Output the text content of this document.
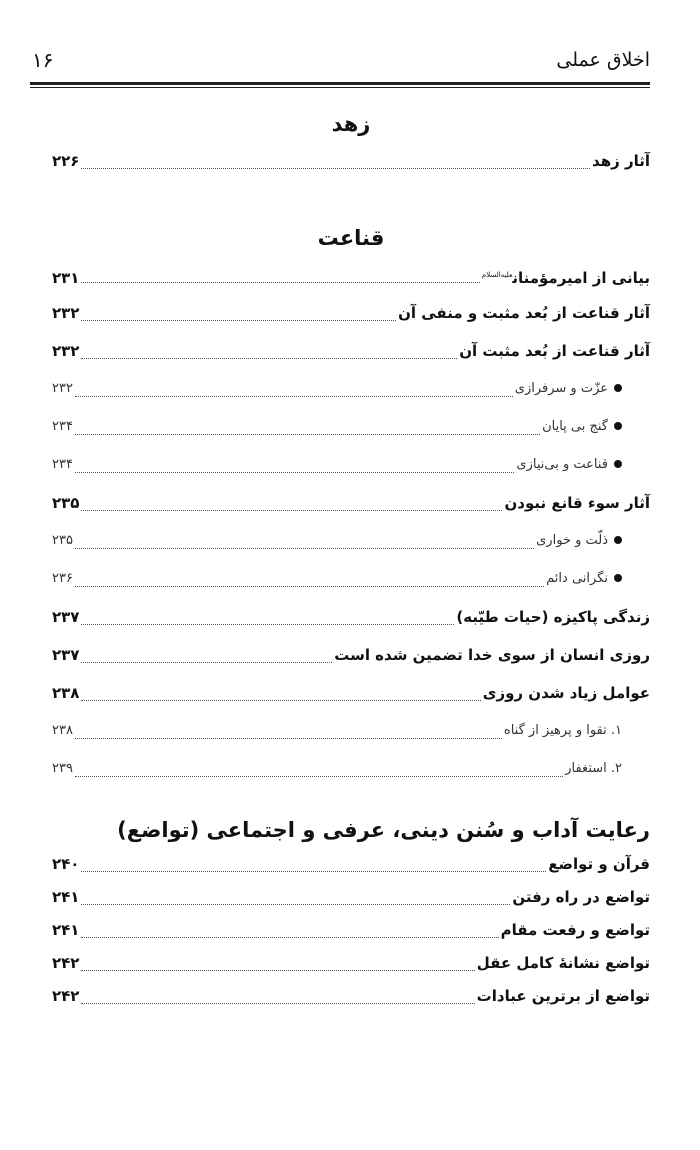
اخلاق عملی
۱۶
زهد
آثار زهد
۲۲۶
قناعت
بیانی از امیرمؤمنان$^{علیه‌السلام}$
۲۳۱
آثار قناعت از بُعد مثبت و منفی آن
۲۳۲
آثار قناعت از بُعد مثبت آن
۲۳۲
عزّت و سرفرازی
۲۳۲
گنج بی پایان
۲۳۴
قناعت و بی‌نیازی
۲۳۴
آثار سوء قانع نبودن
۲۳۵
ذلّت و خواری
۲۳۵
نگرانی دائم
۲۳۶
زندگی پاکیزه (حیات طیّبه)
۲۳۷
روزی انسان از سوی خدا تضمین شده است
۲۳۷
عوامل زیاد شدن روزی
۲۳۸
۱. تقوا و پرهیز از گناه
۲۳۸
۲. استغفار
۲۳۹
رعایت آداب و سُنن دینی، عرفی و اجتماعی (تواضع)
قرآن و تواضع
۲۴۰
تواضع در راه رفتن
۲۴۱
تواضع و رفعت مقام
۲۴۱
تواضع نشانهٔ کامل عقل
۲۴۲
تواضع از برترین عبادات
۲۴۲
